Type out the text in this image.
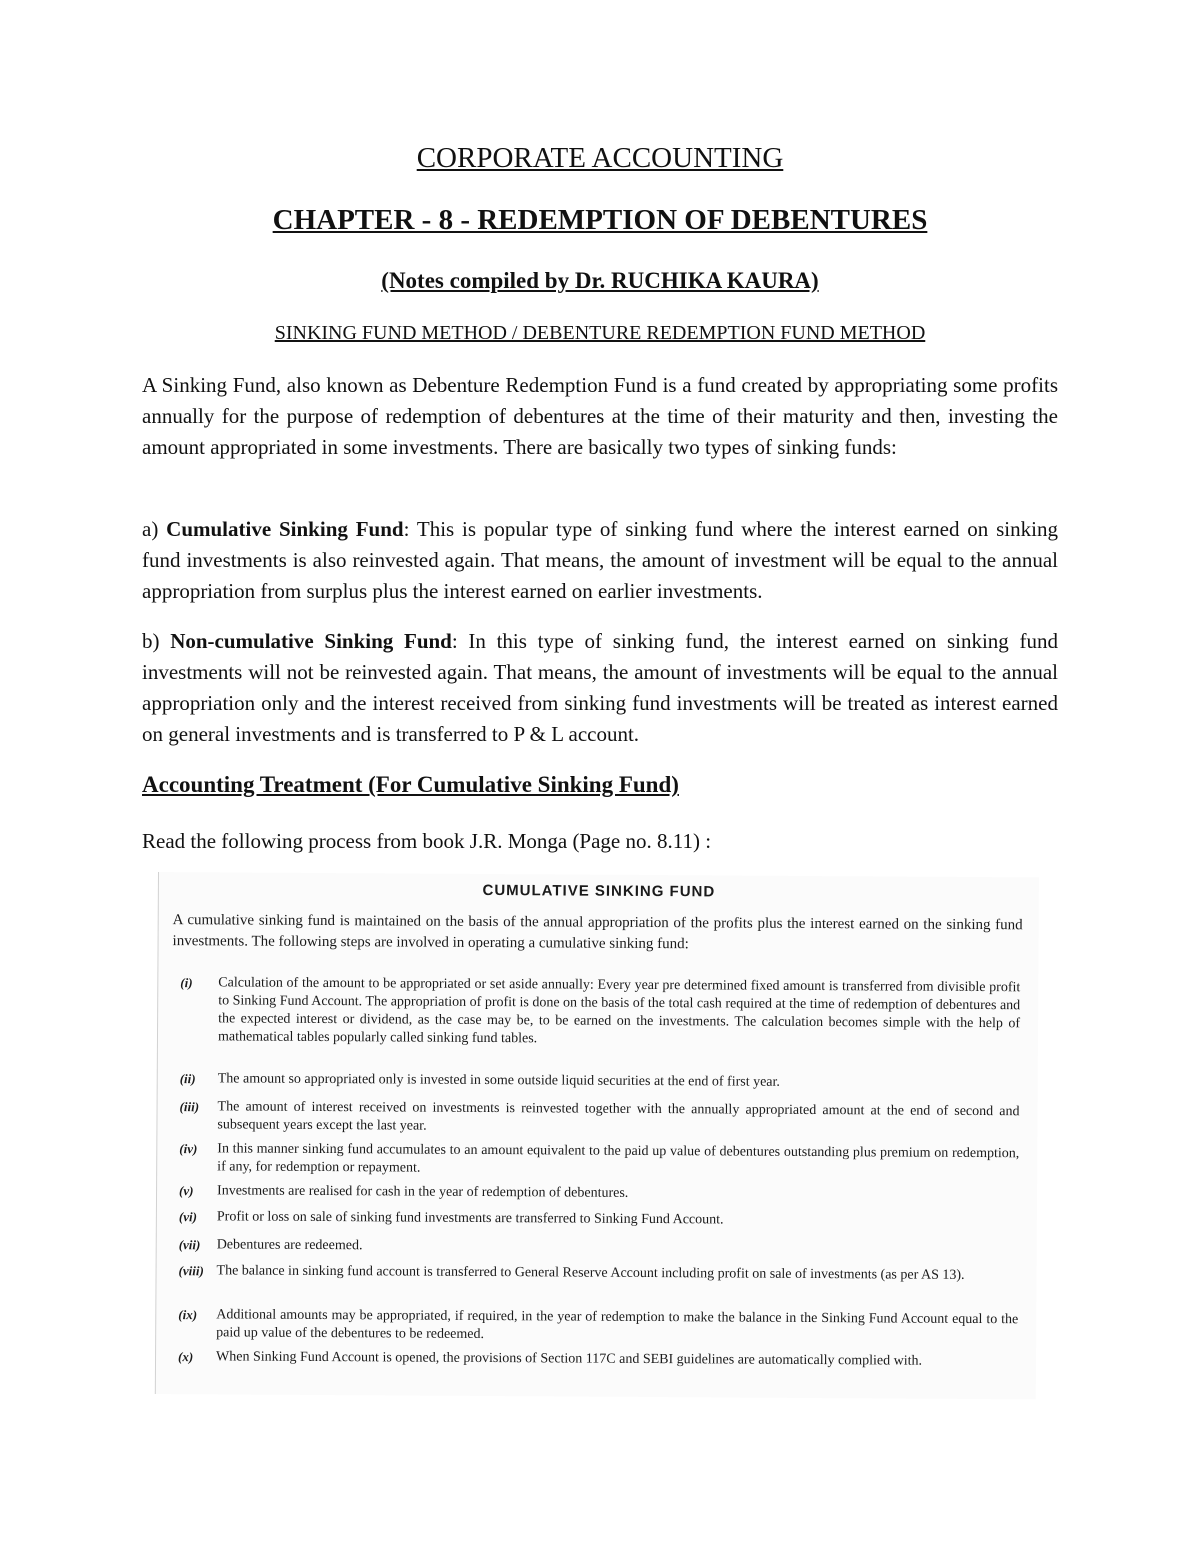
CORPORATE ACCOUNTING

CHAPTER - 8 - REDEMPTION OF DEBENTURES

(Notes compiled by Dr. RUCHIKA KAURA)

SINKING FUND METHOD / DEBENTURE REDEMPTION FUND METHOD

A Sinking Fund, also known as Debenture Redemption Fund is a fund created by appropriating some profits annually for the purpose of redemption of debentures at the time of their maturity and then, investing the amount appropriated in some investments. There are basically two types of sinking funds:

a) Cumulative Sinking Fund: This is popular type of sinking fund where the interest earned on sinking fund investments is also reinvested again. That means, the amount of investment will be equal to the annual appropriation from surplus plus the interest earned on earlier investments.

b) Non-cumulative Sinking Fund: In this type of sinking fund, the interest earned on sinking fund investments will not be reinvested again. That means, the amount of investments will be equal to the annual appropriation only and the interest received from sinking fund investments will be treated as interest earned on general investments and is transferred to P & L account.

Accounting Treatment (For Cumulative Sinking Fund)

Read the following process from book J.R. Monga (Page no. 8.11) :

CUMULATIVE SINKING FUND
A cumulative sinking fund is maintained on the basis of the annual appropriation of the profits plus the interest earned on the sinking fund investments. The following steps are involved in operating a cumulative sinking fund:
(i)	Calculation of the amount to be appropriated or set aside annually: Every year pre determined fixed amount is transferred from divisible profit to Sinking Fund Account. The appropriation of profit is done on the basis of the total cash required at the time of redemption of debentures and the expected interest or dividend, as the case may be, to be earned on the investments. The calculation becomes simple with the help of mathematical tables popularly called sinking fund tables.
(ii)	The amount so appropriated only is invested in some outside liquid securities at the end of first year.
(iii)	The amount of interest received on investments is reinvested together with the annually appropriated amount at the end of second and subsequent years except the last year.
(iv)	In this manner sinking fund accumulates to an amount equivalent to the paid up value of debentures outstanding plus premium on redemption, if any, for redemption or repayment.
(v)	Investments are realised for cash in the year of redemption of debentures.
(vi)	Profit or loss on sale of sinking fund investments are transferred to Sinking Fund Account.
(vii)	Debentures are redeemed.
(viii) The balance in sinking fund account is transferred to General Reserve Account including profit on sale of investments (as per AS 13).
(ix)	Additional amounts may be appropriated, if required, in the year of redemption to make the balance in the Sinking Fund Account equal to the paid up value of the debentures to be redeemed.
(x)	When Sinking Fund Account is opened, the provisions of Section 117C and SEBI guidelines are automatically complied with.
